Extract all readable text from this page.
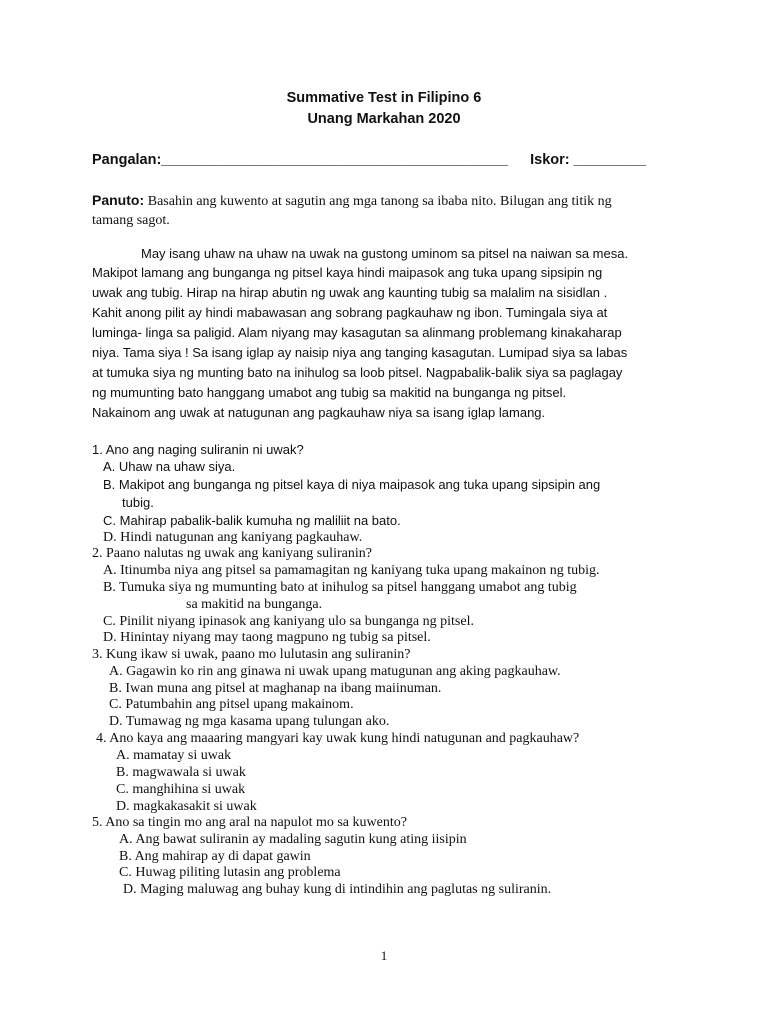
Summative Test in Filipino 6
Unang Markahan 2020
Pangalan:___________________________________________ Iskor: _________
Panuto: Basahin ang kuwento at sagutin ang mga tanong sa ibaba nito. Bilugan ang titik ng
tamang sagot.
May isang uhaw na uhaw na uwak na gustong uminom sa pitsel na naiwan sa mesa.
Makipot lamang ang bunganga ng pitsel kaya hindi maipasok ang tuka upang sipsipin ng
uwak ang tubig. Hirap na hirap abutin ng uwak ang kaunting tubig sa malalim na sisidlan .
Kahit anong pilit ay hindi mabawasan ang sobrang pagkauhaw ng ibon. Tumingala siya at
luminga- linga sa paligid. Alam niyang may kasagutan sa alinmang problemang kinakaharap
niya. Tama siya ! Sa isang iglap ay naisip niya ang tanging kasagutan. Lumipad siya sa labas
at tumuka siya ng munting bato na inihulog sa loob pitsel. Nagpabalik-balik siya sa paglagay
ng mumunting bato hanggang umabot ang tubig sa makitid na bunganga ng pitsel.
Nakainom ang uwak at natugunan ang pagkauhaw niya sa isang iglap lamang.
1. Ano ang naging suliranin ni uwak?
A. Uhaw na uhaw siya.
B. Makipot ang bunganga ng pitsel kaya di niya maipasok ang tuka upang sipsipin ang
tubig.
C. Mahirap pabalik-balik kumuha ng maliliit na bato.
D. Hindi natugunan ang kaniyang pagkauhaw.
2. Paano nalutas ng uwak ang kaniyang suliranin?
A. Itinumba niya ang pitsel sa pamamagitan ng kaniyang tuka upang makainon ng tubig.
B. Tumuka siya ng mumunting bato at inihulog sa pitsel hanggang umabot ang tubig
sa makitid na bunganga.
C. Pinilit niyang ipinasok ang kaniyang ulo sa bunganga ng pitsel.
D. Hinintay niyang may taong magpuno ng tubig sa pitsel.
3. Kung ikaw si uwak, paano mo lulutasin ang suliranin?
A. Gagawin ko rin ang ginawa ni uwak upang matugunan ang aking pagkauhaw.
B. Iwan muna ang pitsel at maghanap na ibang maiinuman.
C. Patumbahin ang pitsel upang makainom.
D. Tumawag ng mga kasama upang tulungan ako.
4. Ano kaya ang maaaring mangyari kay uwak kung hindi natugunan and pagkauhaw?
A. mamatay si uwak
B. magwawala si uwak
C. manghihina si uwak
D. magkakasakit si uwak
5. Ano sa tingin mo ang aral na napulot mo sa kuwento?
A. Ang bawat suliranin ay madaling sagutin kung ating iisipin
B. Ang mahirap ay di dapat gawin
C. Huwag piliting lutasin ang problema
D. Maging maluwag ang buhay kung di intindihin ang paglutas ng suliranin.
1
